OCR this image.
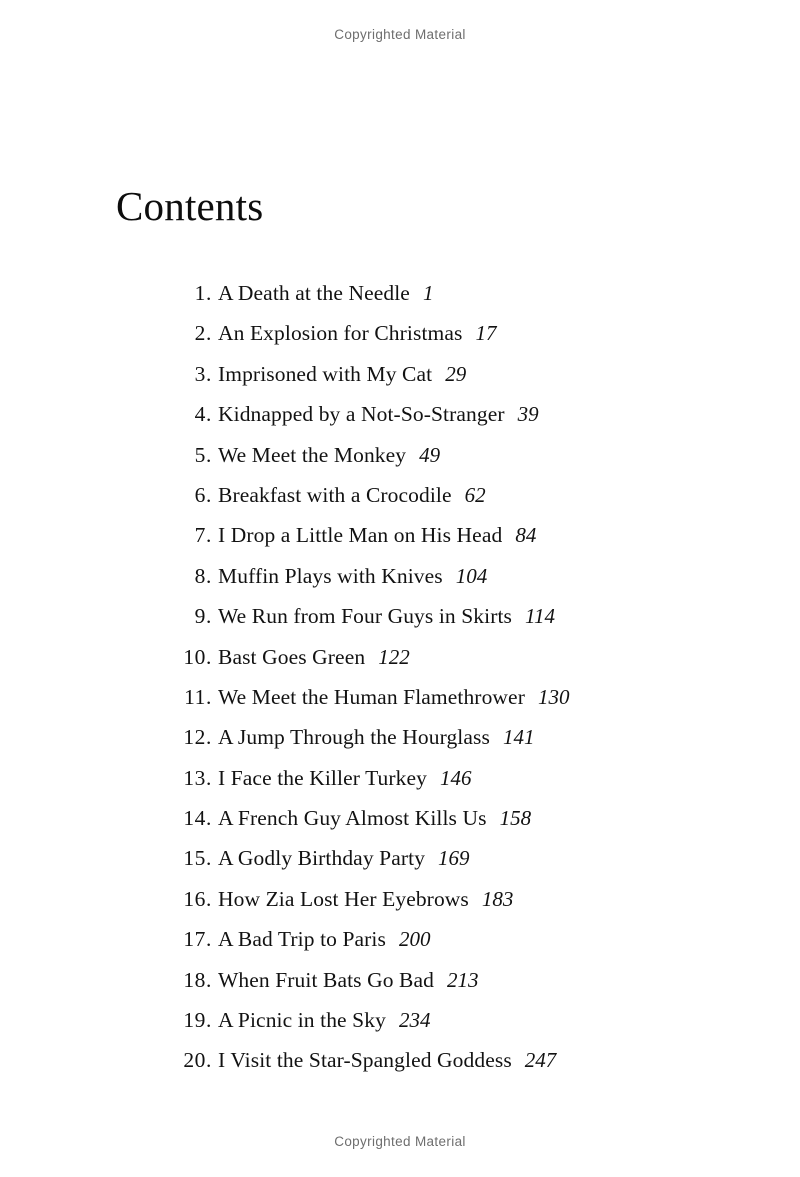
Copyrighted Material
Contents
1. A Death at the Needle 1
2. An Explosion for Christmas 17
3. Imprisoned with My Cat 29
4. Kidnapped by a Not-So-Stranger 39
5. We Meet the Monkey 49
6. Breakfast with a Crocodile 62
7. I Drop a Little Man on His Head 84
8. Muffin Plays with Knives 104
9. We Run from Four Guys in Skirts 114
10. Bast Goes Green 122
11. We Meet the Human Flamethrower 130
12. A Jump Through the Hourglass 141
13. I Face the Killer Turkey 146
14. A French Guy Almost Kills Us 158
15. A Godly Birthday Party 169
16. How Zia Lost Her Eyebrows 183
17. A Bad Trip to Paris 200
18. When Fruit Bats Go Bad 213
19. A Picnic in the Sky 234
20. I Visit the Star-Spangled Goddess 247
Copyrighted Material
